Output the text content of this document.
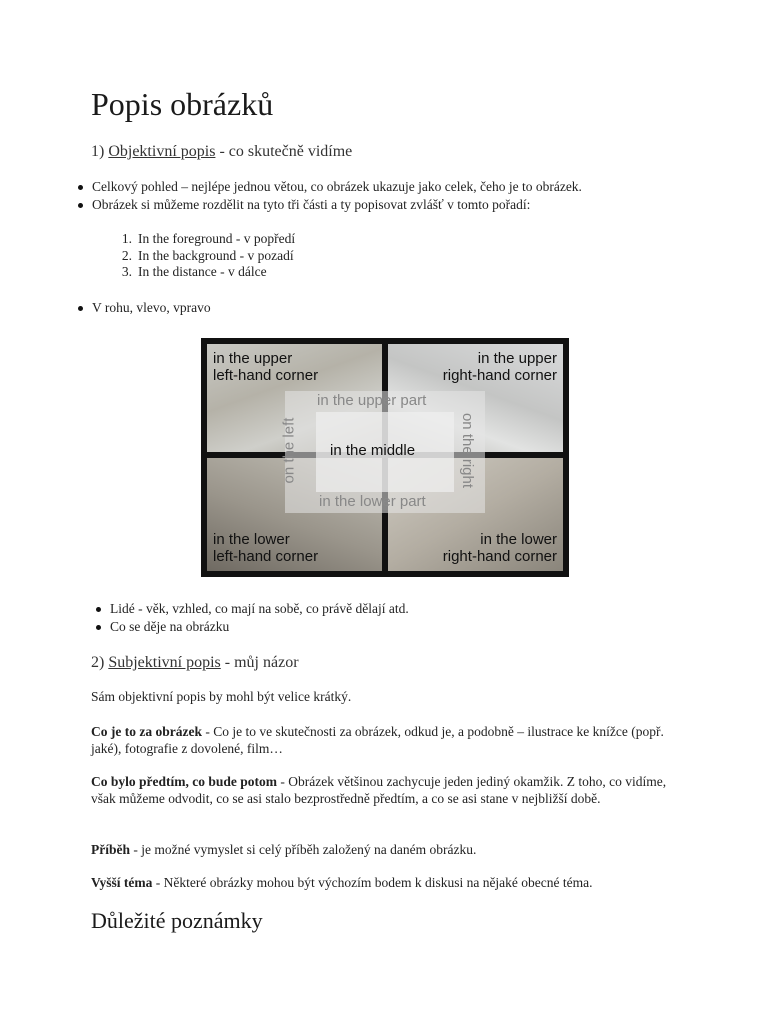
Popis obrázků
1) Objektivní popis - co skutečně vidíme
Celkový pohled – nejlépe jednou větou, co obrázek ukazuje jako celek, čeho je to obrázek.
Obrázek si můžeme rozdělit na tyto tři části a ty popisovat zvlášť v tomto pořadí:
1. In the foreground - v popředí
2. In the background - v pozadí
3. In the distance - v dálce
V rohu, vlevo, vpravo
in the upper
left-hand corner
in the upper
right-hand corner
in the lower
left-hand corner
in the lower
right-hand corner
in the upper part
in the lower part
in the middle
on the left	on the right
Lidé - věk, vzhled, co mají na sobě, co právě dělají atd.
Co se děje na obrázku
2) Subjektivní popis - můj názor
Sám objektivní popis by mohl být velice krátký.
Co je to za obrázek - Co je to ve skutečnosti za obrázek, odkud je, a podobně – ilustrace ke knížce (popř. jaké), fotografie z dovolené, film…
Co bylo předtím, co bude potom - Obrázek většinou zachycuje jeden jediný okamžik. Z toho, co vidíme, však můžeme odvodit, co se asi stalo bezprostředně předtím, a co se asi stane v nejbližší době.
Příběh - je možné vymyslet si celý příběh založený na daném obrázku.
Vyšší téma - Některé obrázky mohou být výchozím bodem k diskusi na nějaké obecné téma.
Důležité poznámky
